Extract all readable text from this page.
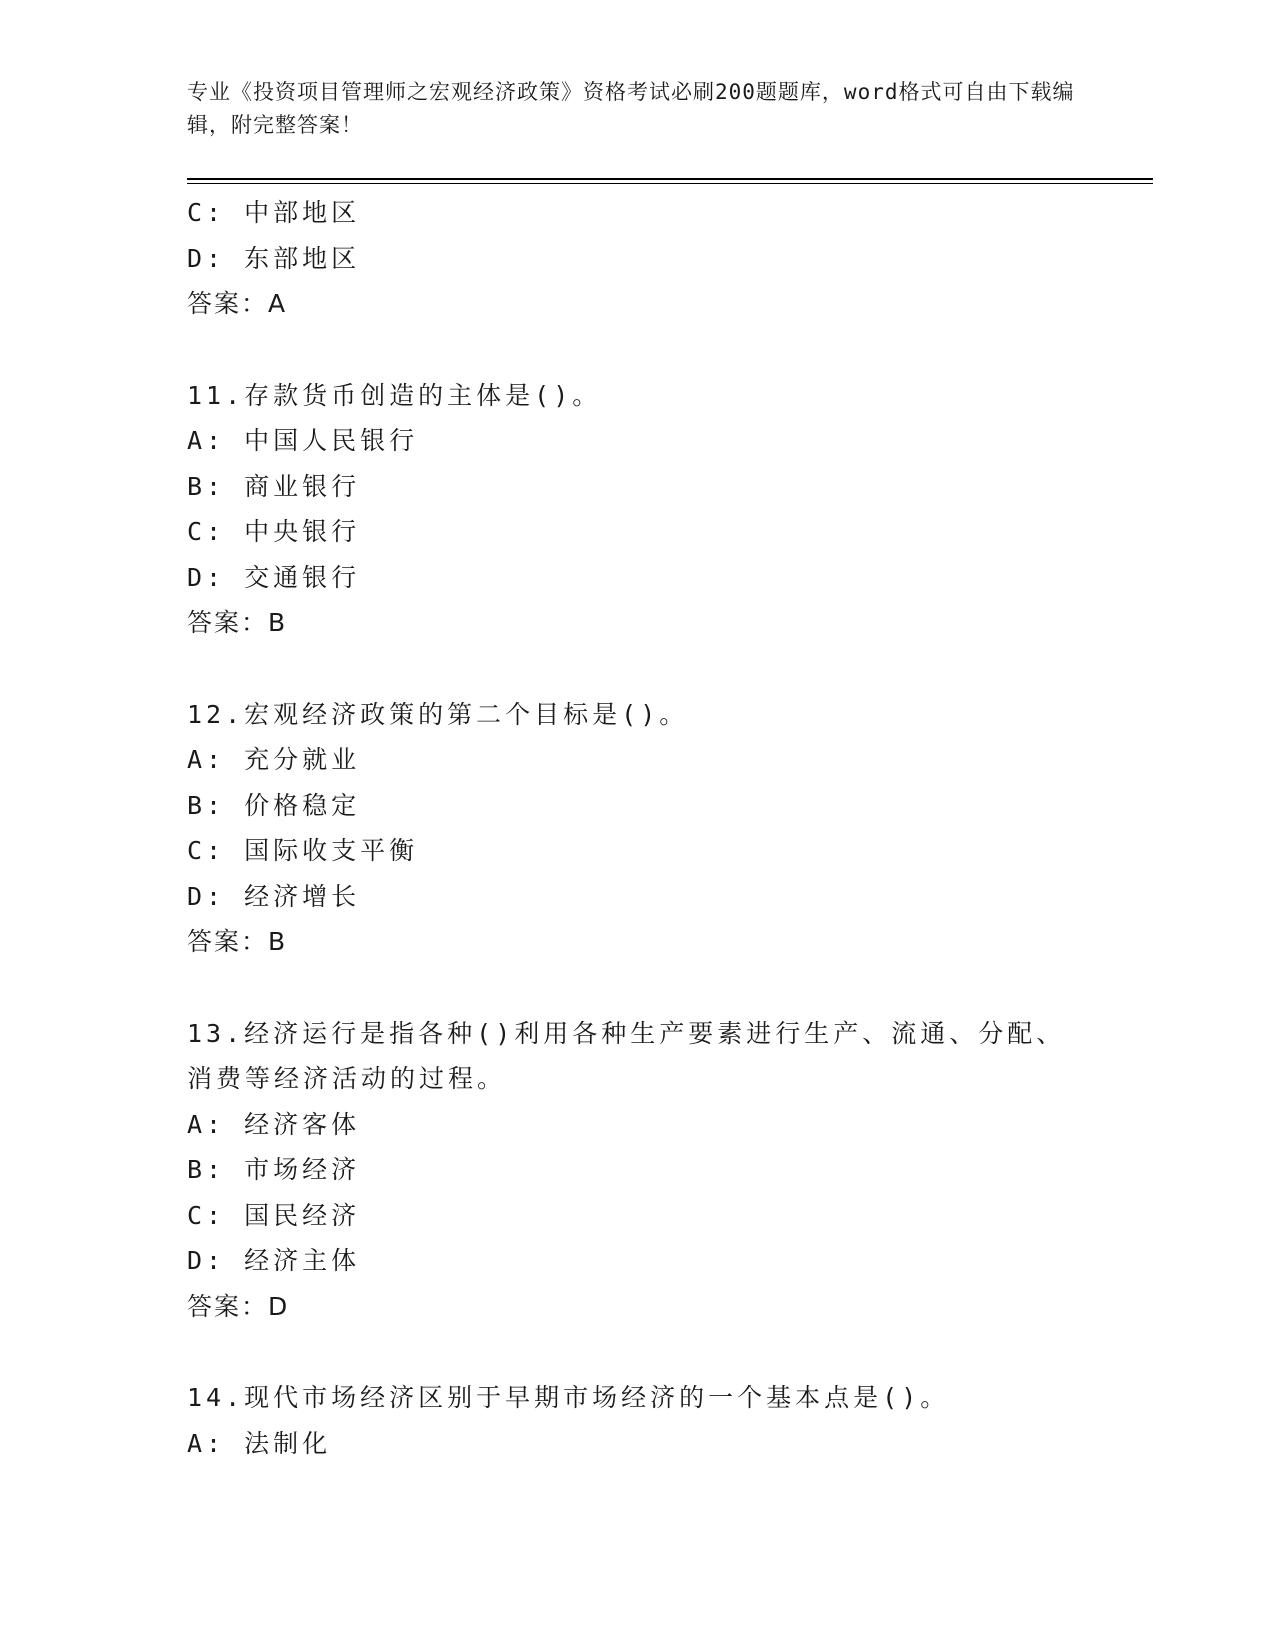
专业《投资项目管理师之宏观经济政策》资格考试必刷200题题库，word格式可自由下载编辑，附完整答案！
C: 中部地区
D: 东部地区
答案：A
11.存款货币创造的主体是()。
A: 中国人民银行
B: 商业银行
C: 中央银行
D: 交通银行
答案：B
12.宏观经济政策的第二个目标是()。
A: 充分就业
B: 价格稳定
C: 国际收支平衡
D: 经济增长
答案：B
13.经济运行是指各种()利用各种生产要素进行生产、流通、分配、消费等经济活动的过程。
A: 经济客体
B: 市场经济
C: 国民经济
D: 经济主体
答案：D
14.现代市场经济区别于早期市场经济的一个基本点是()。
A: 法制化
